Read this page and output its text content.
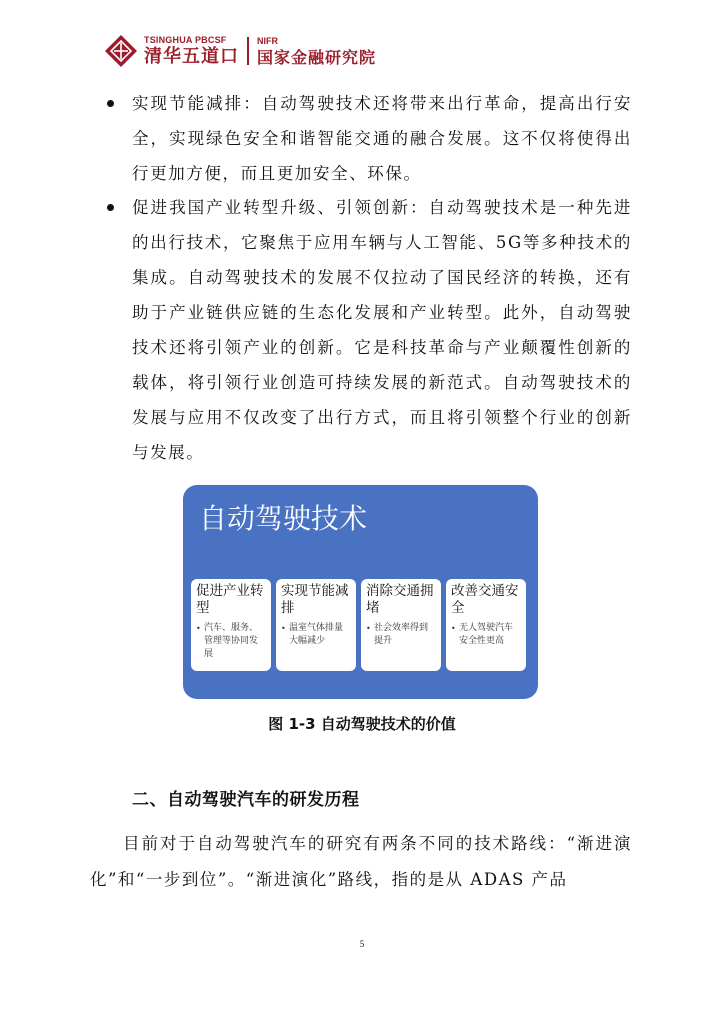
TSINGHUA PBCSF
清华五道口
NIFR
国家金融研究院
实现节能减排：自动驾驶技术还将带来出行革命，提高出行安全，实现绿色安全和谐智能交通的融合发展。这不仅将使得出行更加方便，而且更加安全、环保。
促进我国产业转型升级、引领创新：自动驾驶技术是一种先进的出行技术，它聚焦于应用车辆与人工智能、5G等多种技术的集成。自动驾驶技术的发展不仅拉动了国民经济的转换，还有助于产业链供应链的生态化发展和产业转型。此外，自动驾驶技术还将引领产业的创新。它是科技革命与产业颠覆性创新的载体，将引领行业创造可持续发展的新范式。自动驾驶技术的发展与应用不仅改变了出行方式，而且将引领整个行业的创新与发展。
自动驾驶技术
促进产业转型
• 汽车、服务、管理等协同发展
实现节能减排
• 温室气体排量大幅减少
消除交通拥堵
• 社会效率得到提升
改善交通安全
• 无人驾驶汽车安全性更高
图 1-3 自动驾驶技术的价值
二、自动驾驶汽车的研发历程
目前对于自动驾驶汽车的研究有两条不同的技术路线：“渐进演化”和“一步到位”。“渐进演化”路线，指的是从 ADAS 产品
5
